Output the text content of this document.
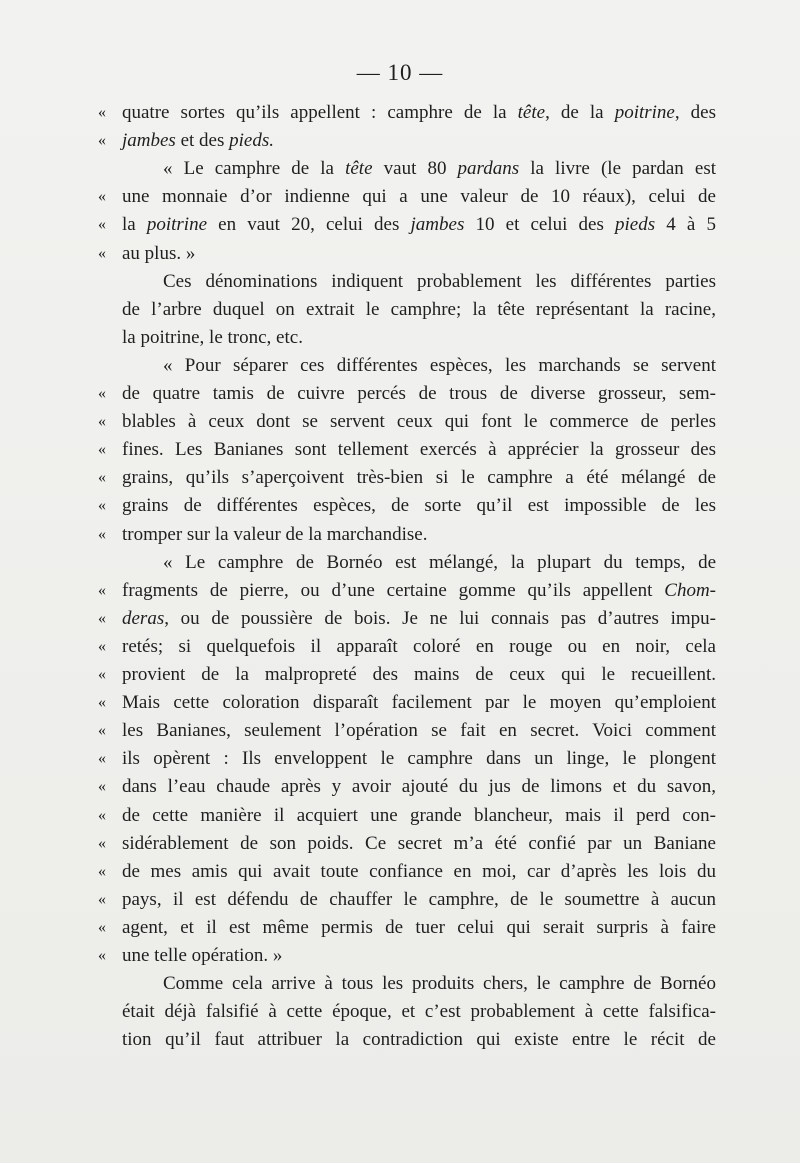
— 10 —
« quatre sortes qu’ils appellent : camphre de la tête, de la poitrine, des
« jambes et des pieds.
« Le camphre de la tête vaut 80 pardans la livre (le pardan est
« une monnaie d’or indienne qui a une valeur de 10 réaux), celui de
« la poitrine en vaut 20, celui des jambes 10 et celui des pieds 4 à 5
« au plus. »
Ces dénominations indiquent probablement les différentes parties
de l’arbre duquel on extrait le camphre; la tête représentant la racine,
la poitrine, le tronc, etc.
« Pour séparer ces différentes espèces, les marchands se servent
« de quatre tamis de cuivre percés de trous de diverse grosseur, sem-
« blables à ceux dont se servent ceux qui font le commerce de perles
« fines. Les Banianes sont tellement exercés à apprécier la grosseur des
« grains, qu’ils s’aperçoivent très-bien si le camphre a été mélangé de
« grains de différentes espèces, de sorte qu’il est impossible de les
« tromper sur la valeur de la marchandise.
« Le camphre de Bornéo est mélangé, la plupart du temps, de
« fragments de pierre, ou d’une certaine gomme qu’ils appellent Chom-
« deras, ou de poussière de bois. Je ne lui connais pas d’autres impu-
« retés; si quelquefois il apparaît coloré en rouge ou en noir, cela
« provient de la malpropreté des mains de ceux qui le recueillent.
« Mais cette coloration disparaît facilement par le moyen qu’emploient
« les Banianes, seulement l’opération se fait en secret. Voici comment
« ils opèrent : Ils enveloppent le camphre dans un linge, le plongent
« dans l’eau chaude après y avoir ajouté du jus de limons et du savon,
« de cette manière il acquiert une grande blancheur, mais il perd con-
« sidérablement de son poids. Ce secret m’a été confié par un Baniane
« de mes amis qui avait toute confiance en moi, car d’après les lois du
« pays, il est défendu de chauffer le camphre, de le soumettre à aucun
« agent, et il est même permis de tuer celui qui serait surpris à faire
« une telle opération. »
Comme cela arrive à tous les produits chers, le camphre de Bornéo
était déjà falsifié à cette époque, et c’est probablement à cette falsifica-
tion qu’il faut attribuer la contradiction qui existe entre le récit de
